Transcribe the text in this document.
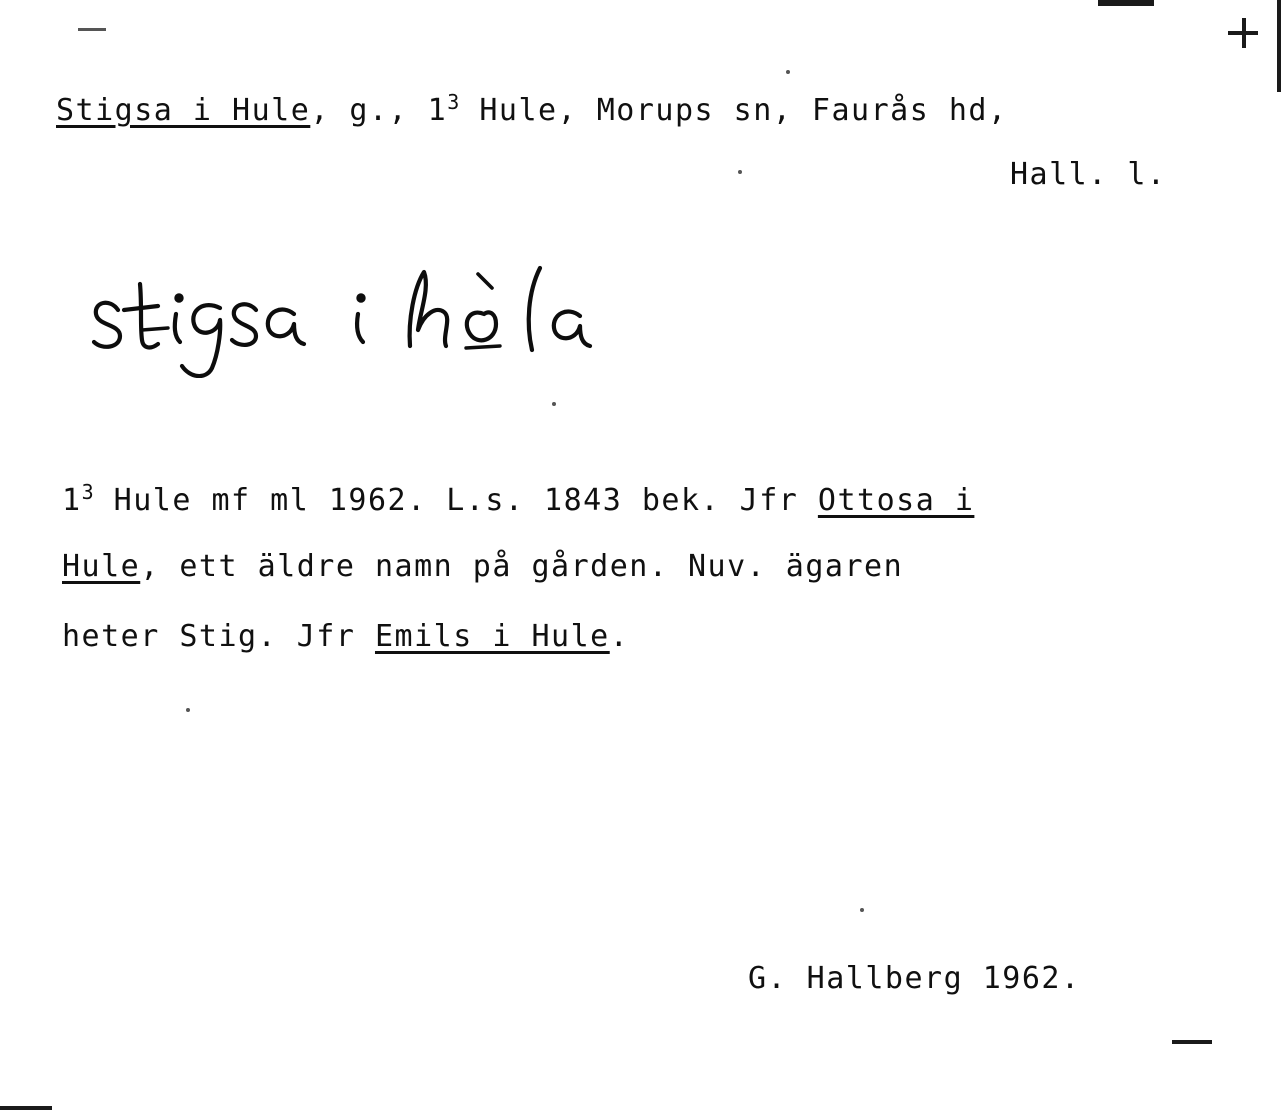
Stigsa i Hule, g., $1^3$ Hule, Morups sn, Faurås hd,
Hall. l.
$1^3$ Hule mf ml 1962. L.s. 1843 bek. Jfr Ottosa i
Hule, ett äldre namn på gården. Nuv. ägaren
heter Stig. Jfr Emils i Hule.
G. Hallberg 1962.
